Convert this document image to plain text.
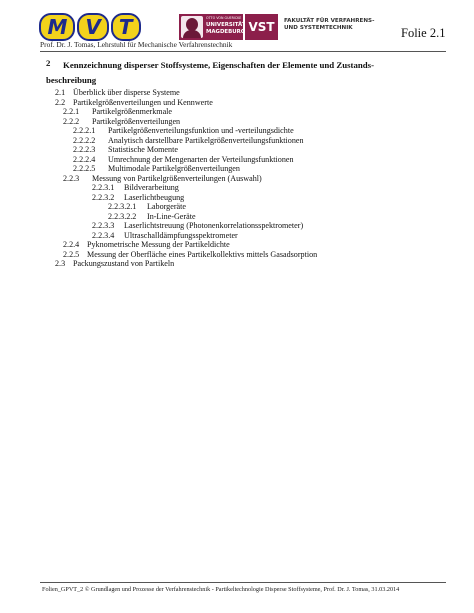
M V T
Prof. Dr. J. Tomas, Lehrstuhl für Mechanische Verfahrenstechnik
OTTO VON GUERICKE
UNIVERSITÄT
MAGDEBURG VST	FAKULTÄT FÜR VERFAHRENS-
UND SYSTEMTECHNIK	Folie 2.1
2 Kennzeichnung disperser Stoffsysteme, Eigenschaften der Elemente und Zustands-
beschreibung
2.1 Überblick über disperse Systeme
2.2 Partikelgrößenverteilungen und Kennwerte
2.2.1 Partikelgrößenmerkmale
2.2.2 Partikelgrößenverteilungen
2.2.2.1 Partikelgrößenverteilungsfunktion und -verteilungsdichte
2.2.2.2 Analytisch darstellbare Partikelgrößenverteilungsfunktionen
2.2.2.3 Statistische Momente
2.2.2.4 Umrechnung der Mengenarten der Verteilungsfunktionen
2.2.2.5 Multimodale Partikelgrößenverteilungen
2.2.3 Messung von Partikelgrößenverteilungen (Auswahl)
2.2.3.1 Bildverarbeitung
2.2.3.2 Laserlichtbeugung
2.2.3.2.1 Laborgeräte
2.2.3.2.2 In-Line-Geräte
2.2.3.3 Laserlichtstreuung (Photonenkorrelationsspektrometer)
2.2.3.4 Ultraschalldämpfungsspektrometer
2.2.4 Pyknometrische Messung der Partikeldichte
2.2.5 Messung der Oberfläche eines Partikelkollektivs mittels Gasadsorption
2.3 Packungszustand von Partikeln
Folien_GPVT_2 © Grundlagen und Prozesse der Verfahrenstechnik - Partikeltechnologie Disperse Stoffsysteme, Prof. Dr. J. Tomas, 31.03.2014
